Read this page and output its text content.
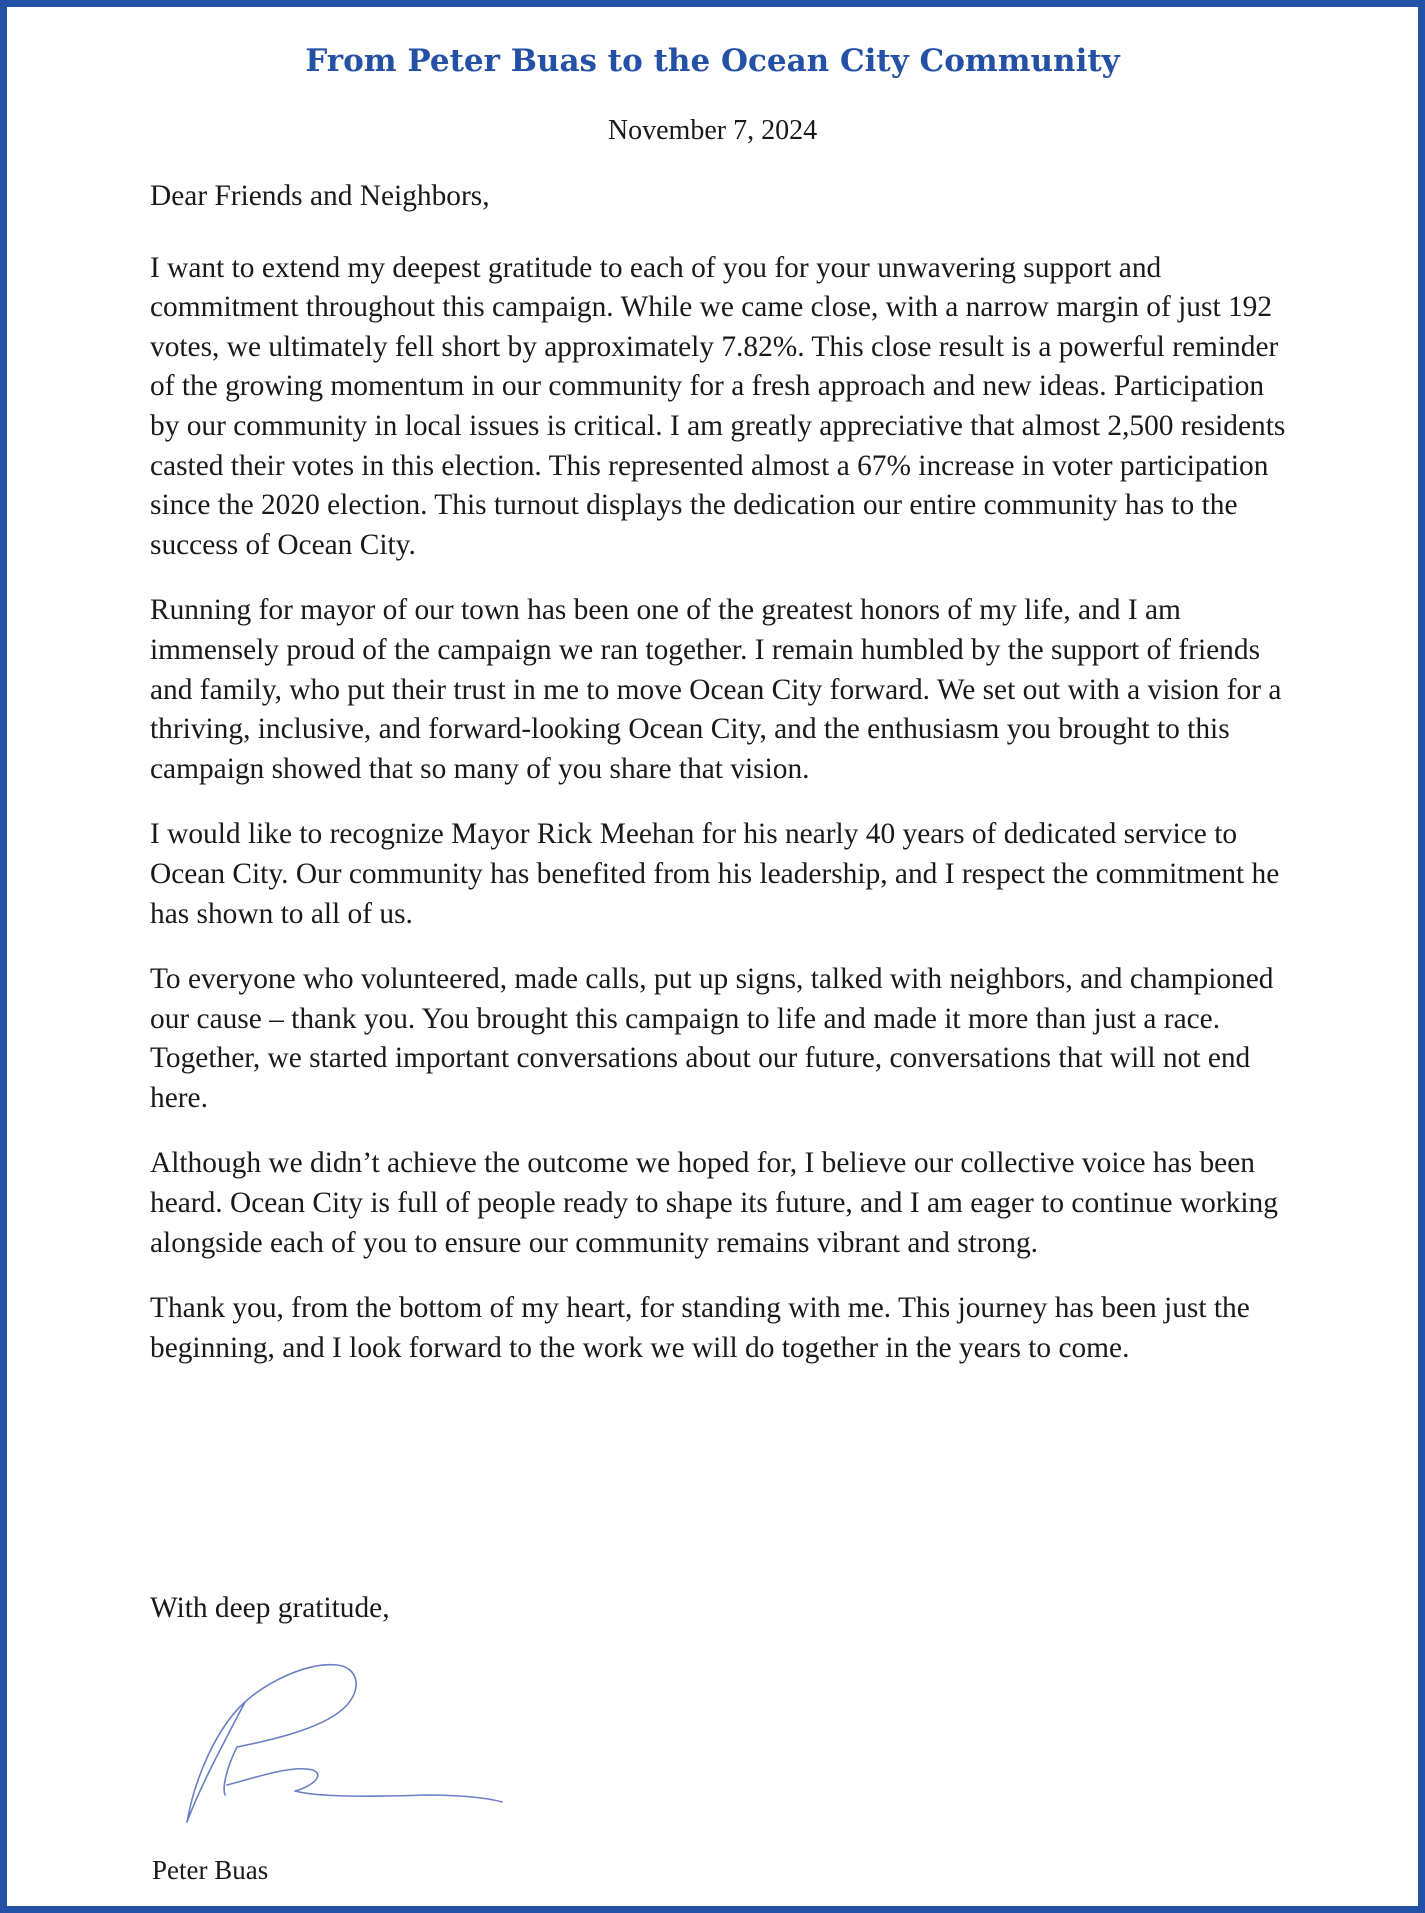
From Peter Buas to the Ocean City Community
November 7, 2024

Dear Friends and Neighbors,

I want to extend my deepest gratitude to each of you for your unwavering support and commitment throughout this campaign. While we came close, with a narrow margin of just 192 votes, we ultimately fell short by approximately 7.82%. This close result is a powerful reminder of the growing momentum in our community for a fresh approach and new ideas. Participation by our community in local issues is critical. I am greatly appreciative that almost 2,500 residents casted their votes in this election. This represented almost a 67% increase in voter participation since the 2020 election. This turnout displays the dedication our entire community has to the success of Ocean City.

Running for mayor of our town has been one of the greatest honors of my life, and I am immensely proud of the campaign we ran together. I remain humbled by the support of friends and family, who put their trust in me to move Ocean City forward. We set out with a vision for a thriving, inclusive, and forward-looking Ocean City, and the enthusiasm you brought to this campaign showed that so many of you share that vision.

I would like to recognize Mayor Rick Meehan for his nearly 40 years of dedicated service to Ocean City. Our community has benefited from his leadership, and I respect the commitment he has shown to all of us.

To everyone who volunteered, made calls, put up signs, talked with neighbors, and championed our cause – thank you. You brought this campaign to life and made it more than just a race. Together, we started important conversations about our future, conversations that will not end here.

Although we didn’t achieve the outcome we hoped for, I believe our collective voice has been heard. Ocean City is full of people ready to shape its future, and I am eager to continue working alongside each of you to ensure our community remains vibrant and strong.

Thank you, from the bottom of my heart, for standing with me. This journey has been just the beginning, and I look forward to the work we will do together in the years to come.

With deep gratitude,
Peter Buas
